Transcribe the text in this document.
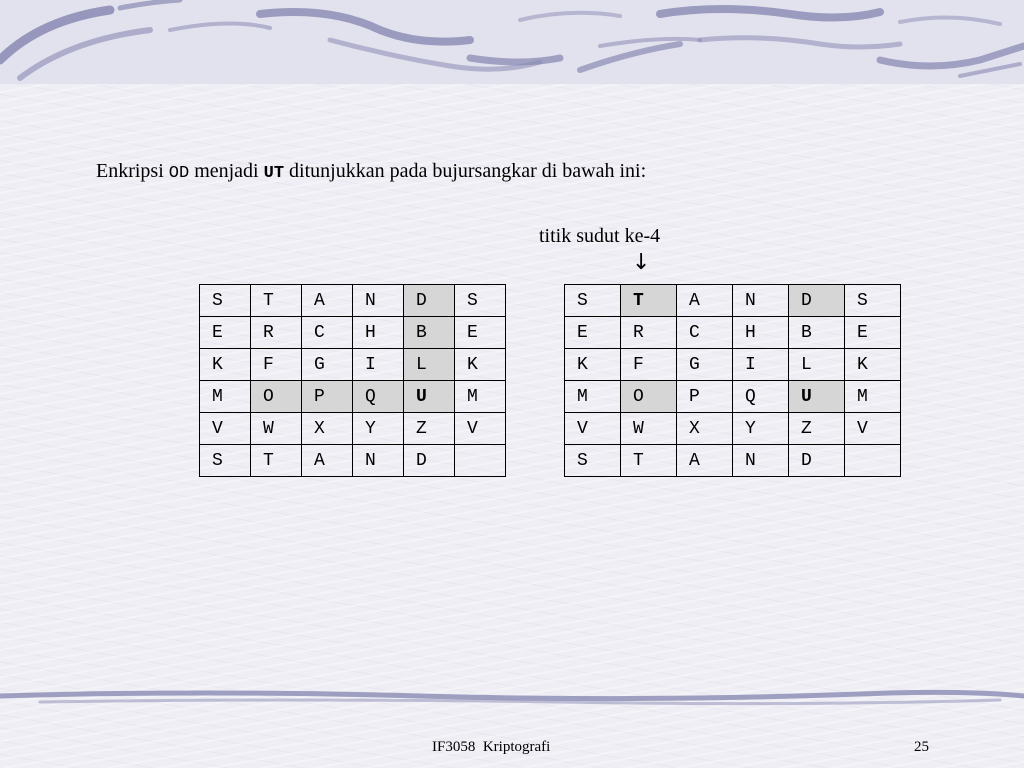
Enkripsi OD menjadi UT ditunjukkan pada bujursangkar di bawah ini:
titik sudut ke-4
↓
S	T	A	N	D	S
E	R	C	H	B	E
K	F	G	I	L	K
M	O	P	Q	U	M
V	W	X	Y	Z	V
S	T	A	N	D	
S	T	A	N	D	S
E	R	C	H	B	E
K	F	G	I	L	K
M	O	P	Q	U	M
V	W	X	Y	Z	V
S	T	A	N	D	
IF3058  Kriptografi	25
